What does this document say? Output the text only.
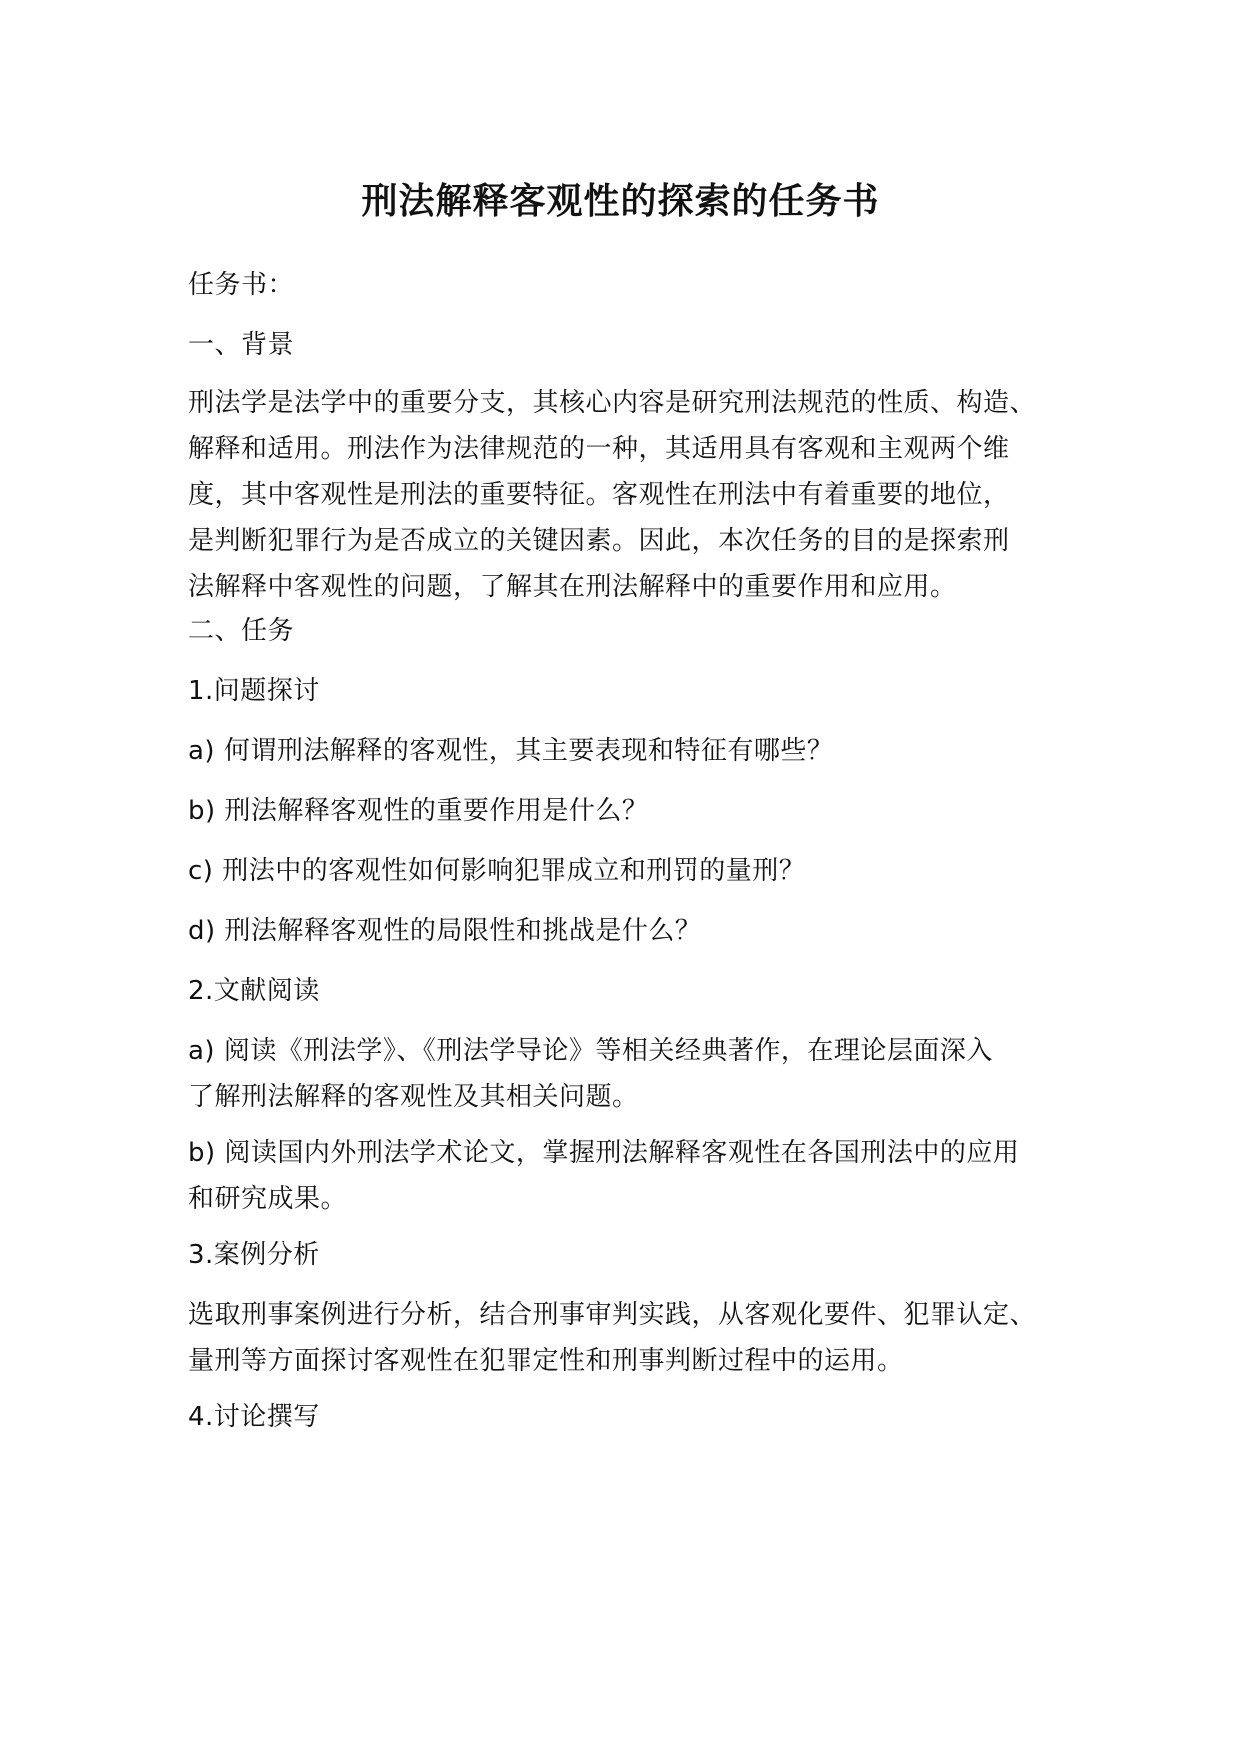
刑法解释客观性的探索的任务书
任务书：
一、背景
刑法学是法学中的重要分支，其核心内容是研究刑法规范的性质、构造、
解释和适用。刑法作为法律规范的一种，其适用具有客观和主观两个维
度，其中客观性是刑法的重要特征。客观性在刑法中有着重要的地位，
是判断犯罪行为是否成立的关键因素。因此，本次任务的目的是探索刑
法解释中客观性的问题，了解其在刑法解释中的重要作用和应用。
二、任务
1.问题探讨
a) 何谓刑法解释的客观性，其主要表现和特征有哪些？
b) 刑法解释客观性的重要作用是什么？
c) 刑法中的客观性如何影响犯罪成立和刑罚的量刑？
d) 刑法解释客观性的局限性和挑战是什么？
2.文献阅读
a) 阅读《刑法学》、《刑法学导论》等相关经典著作，在理论层面深入
了解刑法解释的客观性及其相关问题。
b) 阅读国内外刑法学术论文，掌握刑法解释客观性在各国刑法中的应用
和研究成果。
3.案例分析
选取刑事案例进行分析，结合刑事审判实践，从客观化要件、犯罪认定、
量刑等方面探讨客观性在犯罪定性和刑事判断过程中的运用。
4.讨论撰写
